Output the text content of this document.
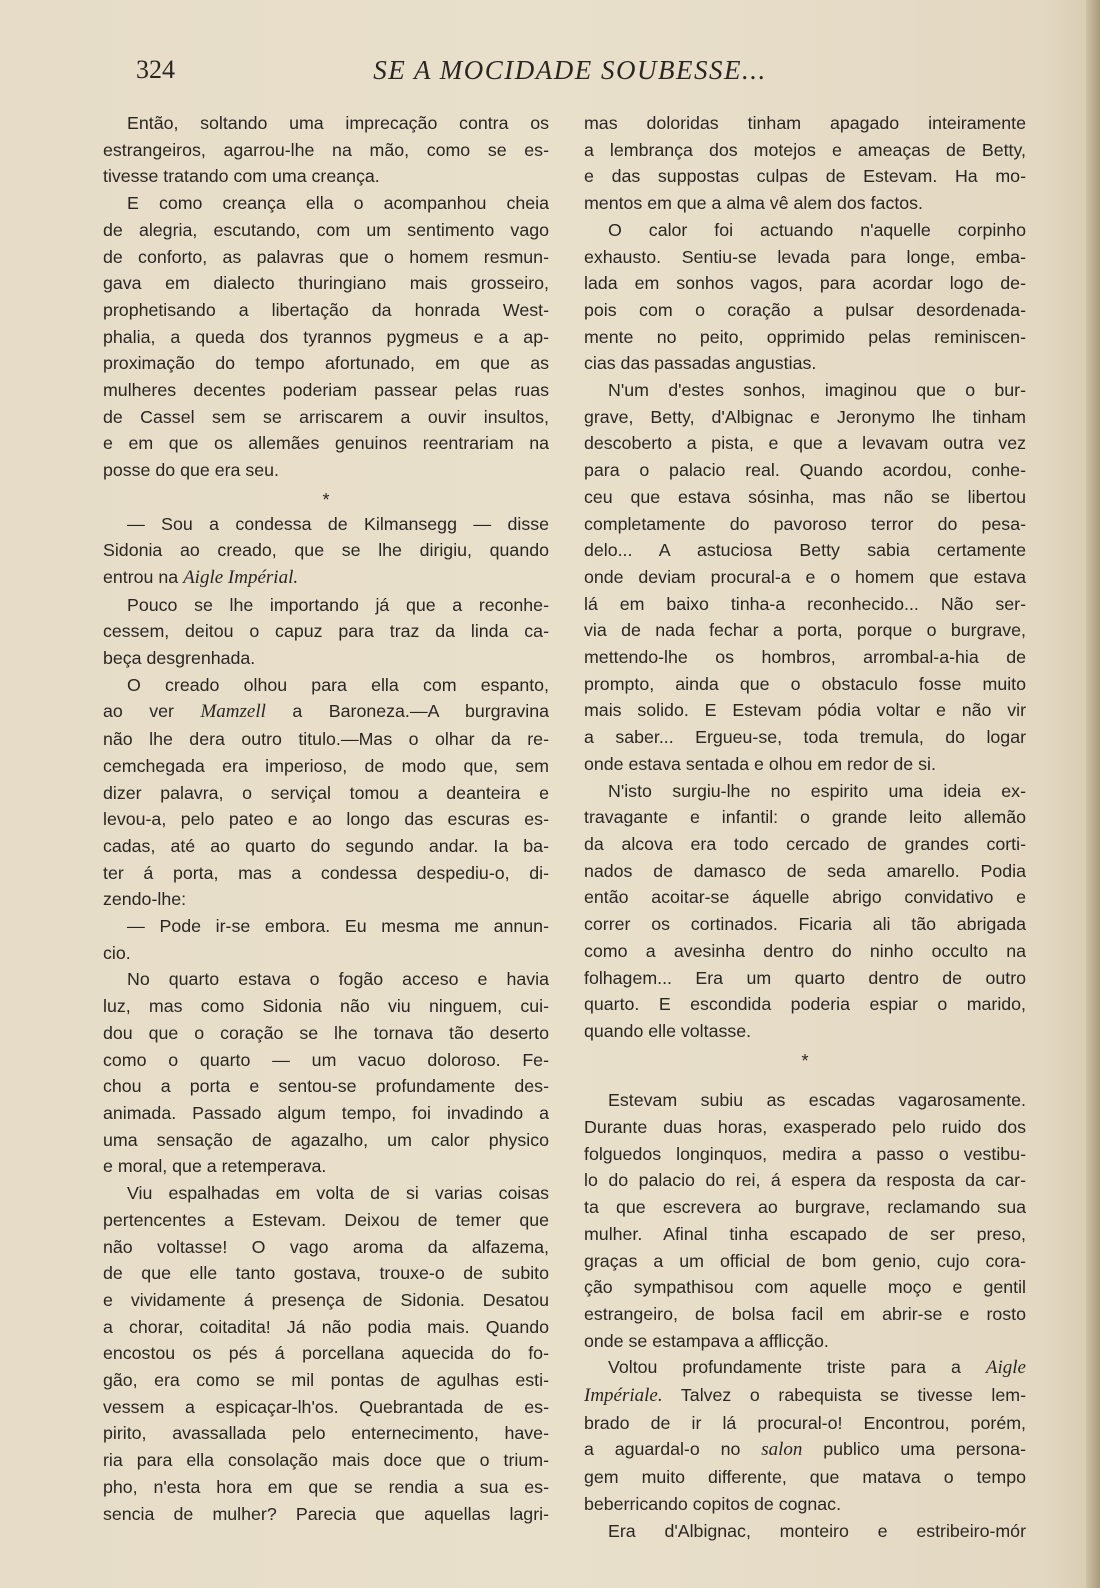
324	SE A MOCIDADE SOUBESSE...
Então, soltando uma imprecação contra os
estrangeiros, agarrou-lhe na mão, como se es-
tivesse tratando com uma creança.
E como creança ella o acompanhou cheia
de alegria, escutando, com um sentimento vago
de conforto, as palavras que o homem resmun-
gava em dialecto thuringiano mais grosseiro,
prophetisando a libertação da honrada West-
phalia, a queda dos tyrannos pygmeus e a ap-
proximação do tempo afortunado, em que as
mulheres decentes poderiam passear pelas ruas
de Cassel sem se arriscarem a ouvir insultos,
e em que os allemães genuinos reentrariam na
posse do que era seu.
*
— Sou a condessa de Kilmansegg — disse
Sidonia ao creado, que se lhe dirigiu, quando
entrou na Aigle Impérial.
Pouco se lhe importando já que a reconhe-
cessem, deitou o capuz para traz da linda ca-
beça desgrenhada.
O creado olhou para ella com espanto,
ao ver Mamzell a Baroneza.—A burgravina
não lhe dera outro titulo.—Mas o olhar da re-
cemchegada era imperioso, de modo que, sem
dizer palavra, o serviçal tomou a deanteira e
levou-a, pelo pateo e ao longo das escuras es-
cadas, até ao quarto do segundo andar. Ia ba-
ter á porta, mas a condessa despediu-o, di-
zendo-lhe:
— Pode ir-se embora. Eu mesma me annun-
cio.
No quarto estava o fogão acceso e havia
luz, mas como Sidonia não viu ninguem, cui-
dou que o coração se lhe tornava tão deserto
como o quarto — um vacuo doloroso. Fe-
chou a porta e sentou-se profundamente des-
animada. Passado algum tempo, foi invadindo a
uma sensação de agazalho, um calor physico
e moral, que a retemperava.
Viu espalhadas em volta de si varias coisas
pertencentes a Estevam. Deixou de temer que
não voltasse! O vago aroma da alfazema,
de que elle tanto gostava, trouxe-o de subito
e vividamente á presença de Sidonia. Desatou
a chorar, coitadita! Já não podia mais. Quando
encostou os pés á porcellana aquecida do fo-
gão, era como se mil pontas de agulhas esti-
vessem a espicaçar-lh'os. Quebrantada de es-
pirito, avassallada pelo enternecimento, have-
ria para ella consolação mais doce que o trium-
pho, n'esta hora em que se rendia a sua es-
sencia de mulher? Parecia que aquellas lagri-
mas doloridas tinham apagado inteiramente
a lembrança dos motejos e ameaças de Betty,
e das suppostas culpas de Estevam. Ha mo-
mentos em que a alma vê alem dos factos.
O calor foi actuando n'aquelle corpinho
exhausto. Sentiu-se levada para longe, emba-
lada em sonhos vagos, para acordar logo de-
pois com o coração a pulsar desordenada-
mente no peito, opprimido pelas reminiscen-
cias das passadas angustias.
N'um d'estes sonhos, imaginou que o bur-
grave, Betty, d'Albignac e Jeronymo lhe tinham
descoberto a pista, e que a levavam outra vez
para o palacio real. Quando acordou, conhe-
ceu que estava sósinha, mas não se libertou
completamente do pavoroso terror do pesa-
delo... A astuciosa Betty sabia certamente
onde deviam procural-a e o homem que estava
lá em baixo tinha-a reconhecido... Não ser-
via de nada fechar a porta, porque o burgrave,
mettendo-lhe os hombros, arrombal-a-hia de
prompto, ainda que o obstaculo fosse muito
mais solido. E Estevam pódia voltar e não vir
a saber... Ergueu-se, toda tremula, do logar
onde estava sentada e olhou em redor de si.
N'isto surgiu-lhe no espirito uma ideia ex-
travagante e infantil: o grande leito allemão
da alcova era todo cercado de grandes corti-
nados de damasco de seda amarello. Podia
então acoitar-se áquelle abrigo convidativo e
correr os cortinados. Ficaria ali tão abrigada
como a avesinha dentro do ninho occulto na
folhagem... Era um quarto dentro de outro
quarto. E escondida poderia espiar o marido,
quando elle voltasse.
*
Estevam subiu as escadas vagarosamente.
Durante duas horas, exasperado pelo ruido dos
folguedos longinquos, medira a passo o vestibu-
lo do palacio do rei, á espera da resposta da car-
ta que escrevera ao burgrave, reclamando sua
mulher. Afinal tinha escapado de ser preso,
graças a um official de bom genio, cujo cora-
ção sympathisou com aquelle moço e gentil
estrangeiro, de bolsa facil em abrir-se e rosto
onde se estampava a afflicção.
Voltou profundamente triste para a Aigle
Impériale. Talvez o rabequista se tivesse lem-
brado de ir lá procural-o! Encontrou, porém,
a aguardal-o no salon publico uma persona-
gem muito differente, que matava o tempo
beberricando copitos de cognac.
Era d'Albignac, monteiro e estribeiro-mór
